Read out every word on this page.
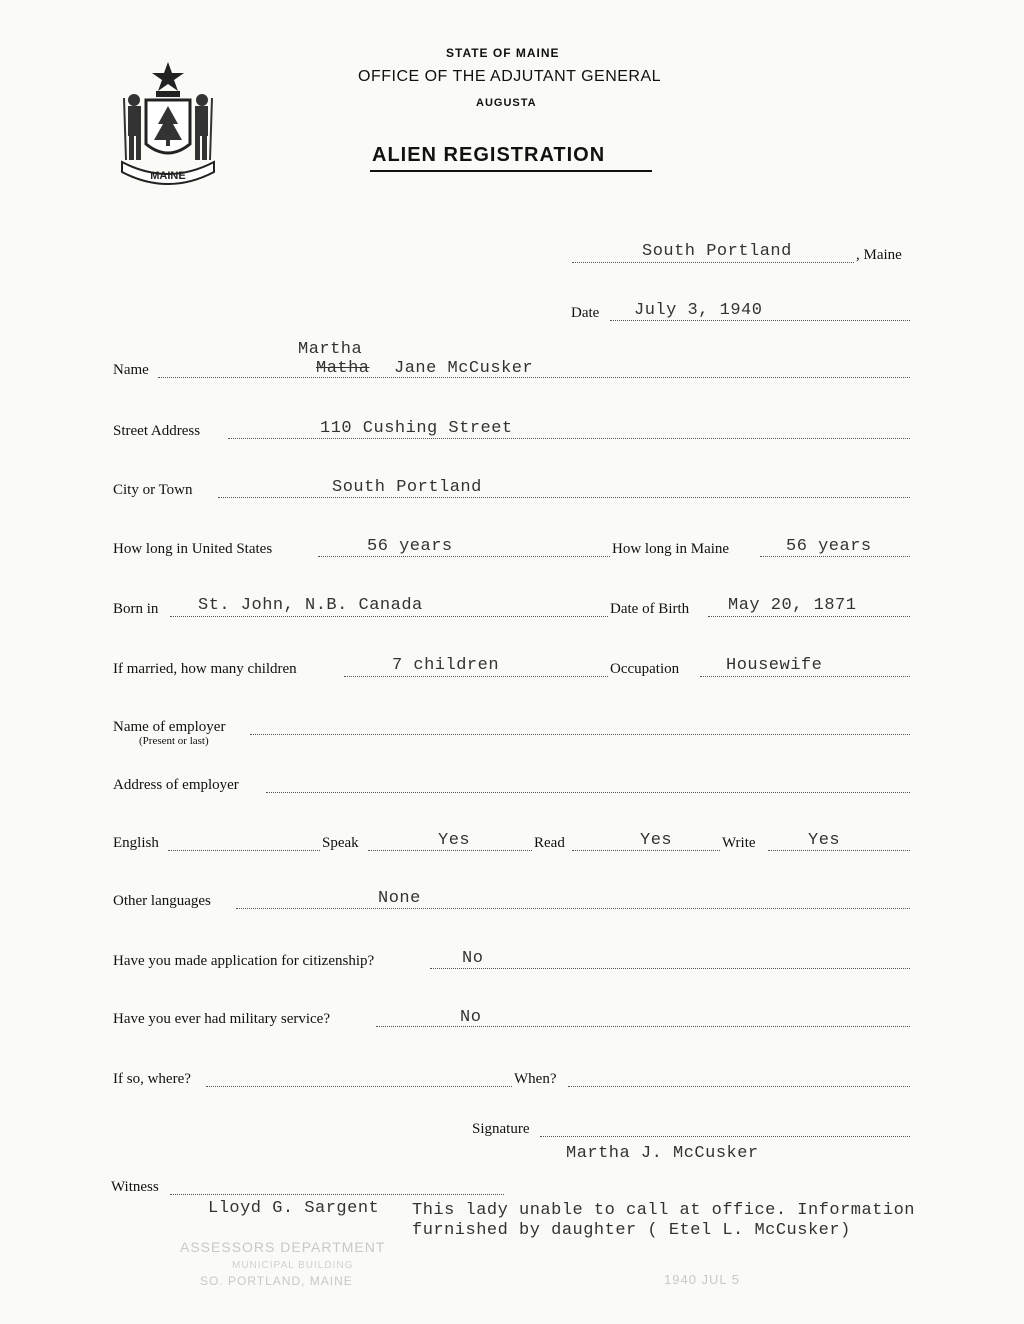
MAINE
STATE OF MAINE
OFFICE OF THE ADJUTANT GENERAL
AUGUSTA
ALIEN REGISTRATION
South Portland	, Maine
Date July 3, 1940
Martha
Name	Matha Jane McCusker
Street Address	110 Cushing Street
City or Town	South Portland
How long in United States	56 years	How long in Maine	56 years
Born in St. John, N.B. Canada	Date of Birth May 20, 1871
If married, how many children	7 children	Occupation	Housewife
Name of employer
(Present or last)
Address of employer
English	Speak	Yes	Read	Yes	Write	Yes
Other languages	None
Have you made application for citizenship?	No
Have you ever had military service?	No
If so, where?	When?
Signature
Martha J. McCusker
Witness
Lloyd G. Sargent This lady unable to call at office. Information
furnished by daughter ( Etel L. McCusker)
ASSESSORS DEPARTMENT
MUNICIPAL BUILDING
SO. PORTLAND, MAINE	1940 JUL 5
